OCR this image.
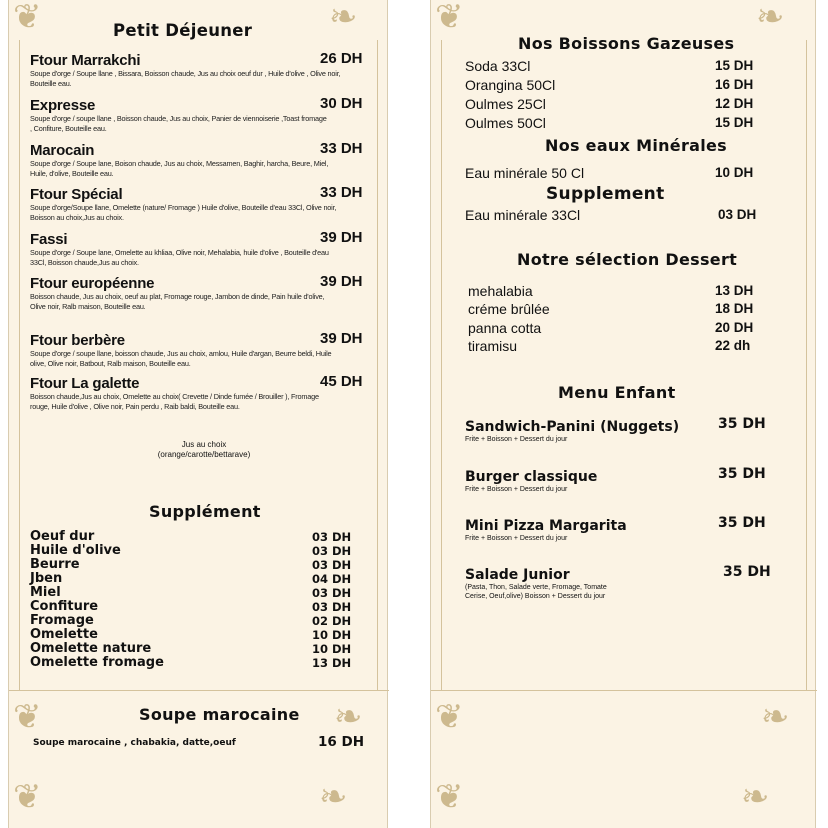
❦	❧
❦	❧
❦	❧
Petit Déjeuner
Ftour Marrakchi	26 DH
Soupe d'orge / Soupe llane , Bissara, Boisson chaude, Jus au choix oeuf dur , Huile d'olive , Olive noir, Bouteille eau.
Expresse	30 DH
Soupe d'orge / soupe llane , Boisson chaude, Jus au choix, Panier de viennoiserie ,Toast fromage , Confiture, Bouteille eau.
Marocain	33 DH
Soupe d'orge / Soupe lane, Boison chaude, Jus au choix, Messamen, Baghir, harcha, Beure, Miel, Huile, d'olive, Bouteille eau.
Ftour Spécial	33 DH
Soupe d'orge/Soupe llane, Omelette (nature/ Fromage ) Huile d'olive, Bouteille d'eau 33Cl, Olive noir, Boisson au choix,Jus au choix.
Fassi	39 DH
Soupe d'orge / Soupe lane, Omelette au khliaa, Olive noir, Mehalabia, huile d'olive , Bouteille d'eau 33Cl, Boisson chaude,Jus au choix.
Ftour européenne	39 DH
Boisson chaude, Jus au choix, oeuf au plat, Fromage rouge, Jambon de dinde, Pain huile d'olive, Olive noir, Ralb maison, Bouteille eau.
Ftour berbère	39 DH
Soupe d'orge / soupe llane, boisson chaude, Jus au choix, amlou, Huile d'argan, Beurre beldi, Huile olive, Olive noir, Batbout, Ralb maison, Bouteille eau.
Ftour La galette	45 DH
Boisson chaude,Jus au choix, Omelette au choix( Crevette / Dinde fumée / Brouiller ), Fromage rouge, Huile d'olive , Olive noir, Pain perdu , Raib baldi, Bouteille eau.
Jus au choix
(orange/carotte/bettarave)
Supplément
Oeuf dur	03 DH
Huile d'olive	03 DH
Beurre	03 DH
Jben	04 DH
Miel	03 DH
Confiture	03 DH
Fromage	02 DH
Omelette	10 DH
Omelette nature	10 DH
Omelette fromage	13 DH
Soupe marocaine
Soupe marocaine , chabakia, datte,oeuf	16 DH
❦	❧
❦	❧
❦	❧
Nos Boissons Gazeuses
Soda 33Cl	15 DH
Orangina 50Cl	16 DH
Oulmes 25Cl	12 DH
Oulmes 50Cl	15 DH
Nos eaux Minérales
Eau minérale 50 Cl	10 DH
Supplement
Eau minérale 33Cl	03 DH
Notre sélection Dessert
mehalabia	13 DH
créme brûlée	18 DH
panna cotta	20 DH
tiramisu	22 dh
Menu Enfant
Sandwich-Panini (Nuggets)	35 DH
Frite + Boisson + Dessert du jour
Burger classique	35 DH
Frite + Boisson + Dessert du jour
Mini Pizza Margarita	35 DH
Frite + Boisson + Dessert du jour
Salade Junior	35 DH
(Pasta, Thon, Salade verte, Fromage, Tomate Cerise, Oeuf,olive) Boisson + Dessert du jour
